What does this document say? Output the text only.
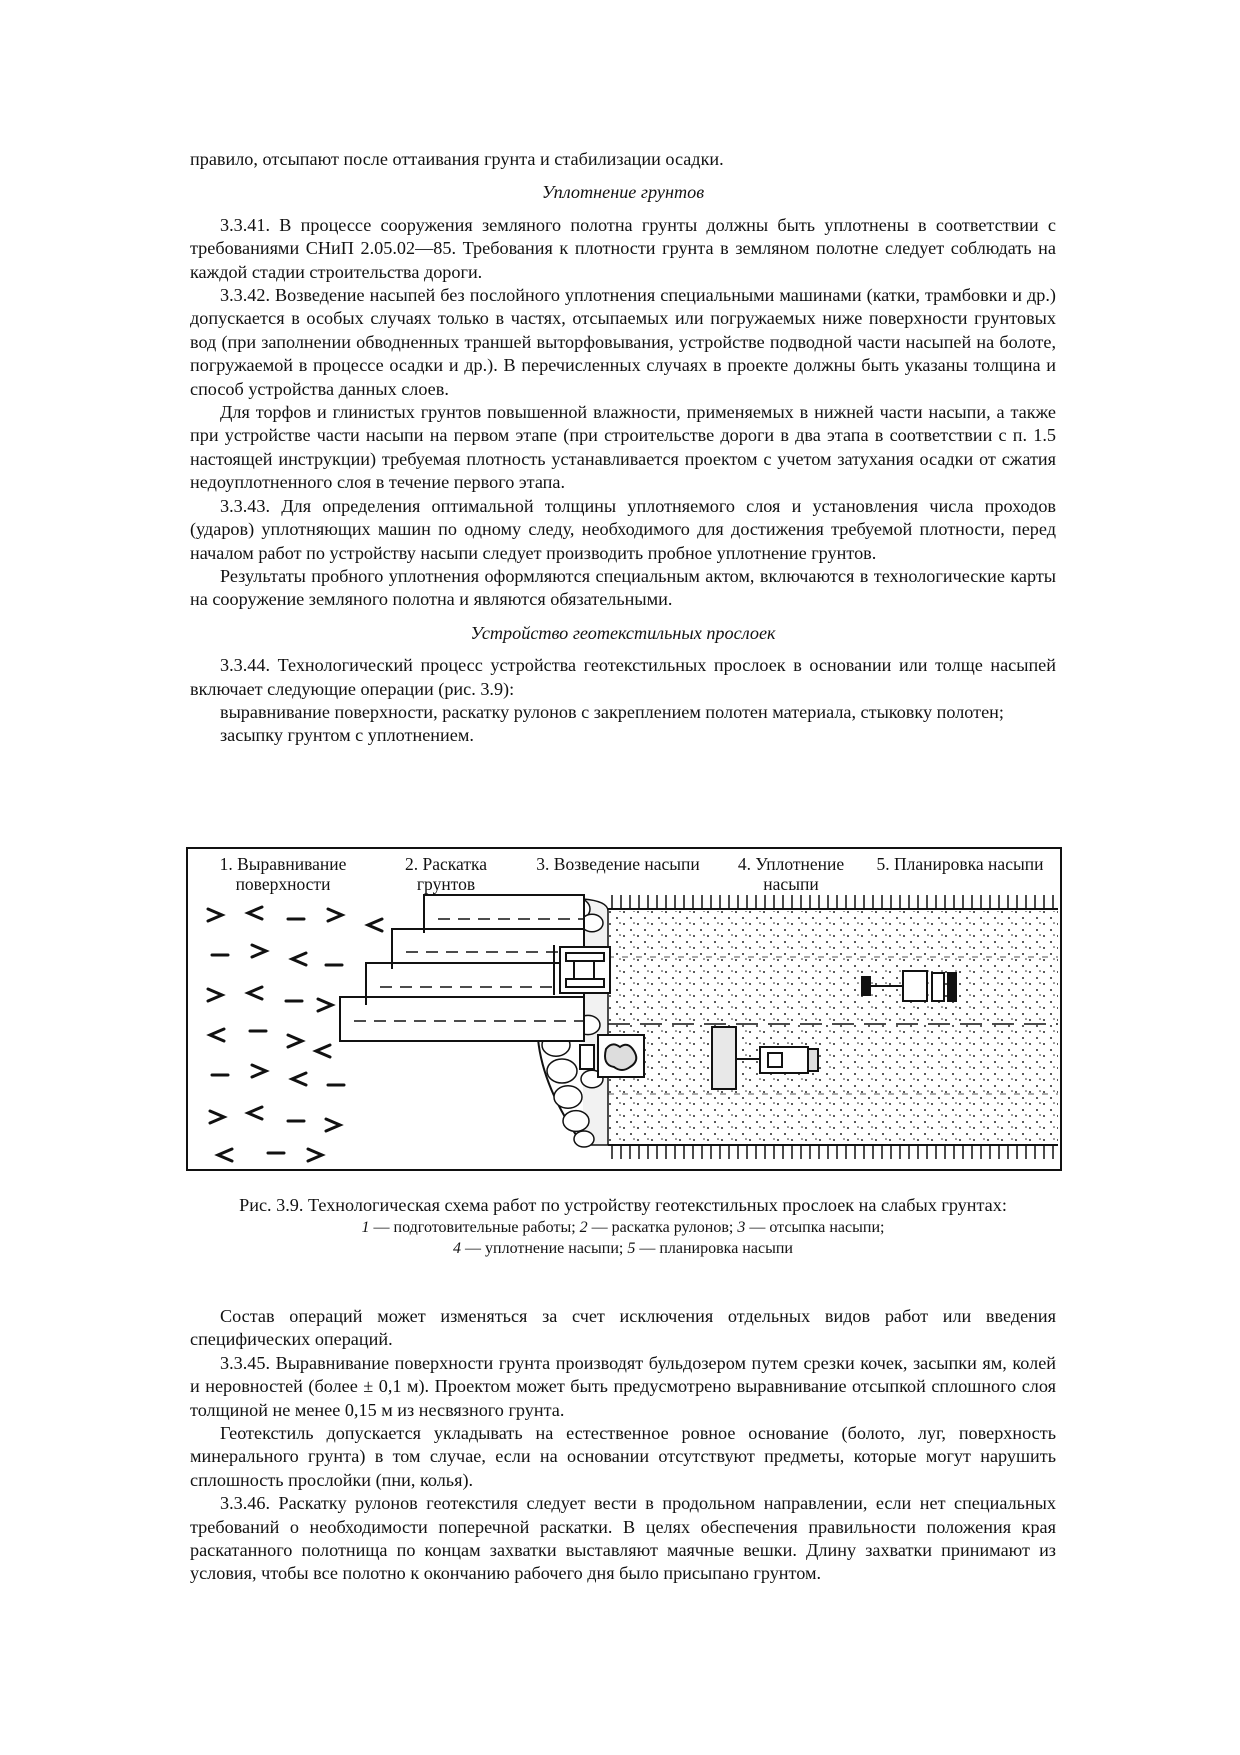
правило, отсыпают после оттаивания грунта и стабилизации осадки.

Уплотнение грунтов

3.3.41. В процессе сооружения земляного полотна грунты должны быть уплотнены в соответствии с требованиями СНиП 2.05.02—85. Требования к плотности грунта в земляном полотне следует соблюдать на каждой стадии строительства дороги.

3.3.42. Возведение насыпей без послойного уплотнения специальными машинами (катки, трамбовки и др.) допускается в особых случаях только в частях, отсыпаемых или погружаемых ниже поверхности грунтовых вод (при заполнении обводненных траншей выторфовывания, устройстве подводной части насыпей на болоте, погружаемой в процессе осадки и др.). В перечисленных случаях в проекте должны быть указаны толщина и способ устройства данных слоев.

Для торфов и глинистых грунтов повышенной влажности, применяемых в нижней части насыпи, а также при устройстве части насыпи на первом этапе (при строительстве дороги в два этапа в соответствии с п. 1.5 настоящей инструкции) требуемая плотность устанавливается проектом с учетом затухания осадки от сжатия недоуплотненного слоя в течение первого этапа.

3.3.43. Для определения оптимальной толщины уплотняемого слоя и установления числа проходов (ударов) уплотняющих машин по одному следу, необходимого для достижения требуемой плотности, перед началом работ по устройству насыпи следует производить пробное уплотнение грунтов.

Результаты пробного уплотнения оформляются специальным актом, включаются в технологические карты на сооружение земляного полотна и являются обязательными.

Устройство геотекстильных прослоек

3.3.44. Технологический процесс устройства геотекстильных прослоек в основании или толще насыпей включает следующие операции (рис. 3.9):

выравнивание поверхности, раскатку рулонов с закреплением полотен материала, стыковку полотен;

засыпку грунтом с уплотнением.

1. Выравнивание
поверхности
2. Раскатка
грунтов
3. Возведение насыпи	4. Уплотнение
насыпи
5. Планировка насыпи
Рис. 3.9. Технологическая схема работ по устройству геотекстильных прослоек на слабых грунтах:
1 — подготовительные работы; 2 — раскатка рулонов; 3 — отсыпка насыпи;
4 — уплотнение насыпи; 5 — планировка насыпи

Состав операций может изменяться за счет исключения отдельных видов работ или введения специфических операций.

3.3.45. Выравнивание поверхности грунта производят бульдозером путем срезки кочек, засыпки ям, колей и неровностей (более ± 0,1 м). Проектом может быть предусмотрено выравнивание отсыпкой сплошного слоя толщиной не менее 0,15 м из несвязного грунта.

Геотекстиль допускается укладывать на естественное ровное основание (болото, луг, поверхность минерального грунта) в том случае, если на основании отсутствуют предметы, которые могут нарушить сплошность прослойки (пни, колья).

3.3.46. Раскатку рулонов геотекстиля следует вести в продольном направлении, если нет специальных требований о необходимости поперечной раскатки. В целях обеспечения правильности положения края раскатанного полотнища по концам захватки выставляют маячные вешки. Длину захватки принимают из условия, чтобы все полотно к окончанию рабочего дня было присыпано грунтом.
